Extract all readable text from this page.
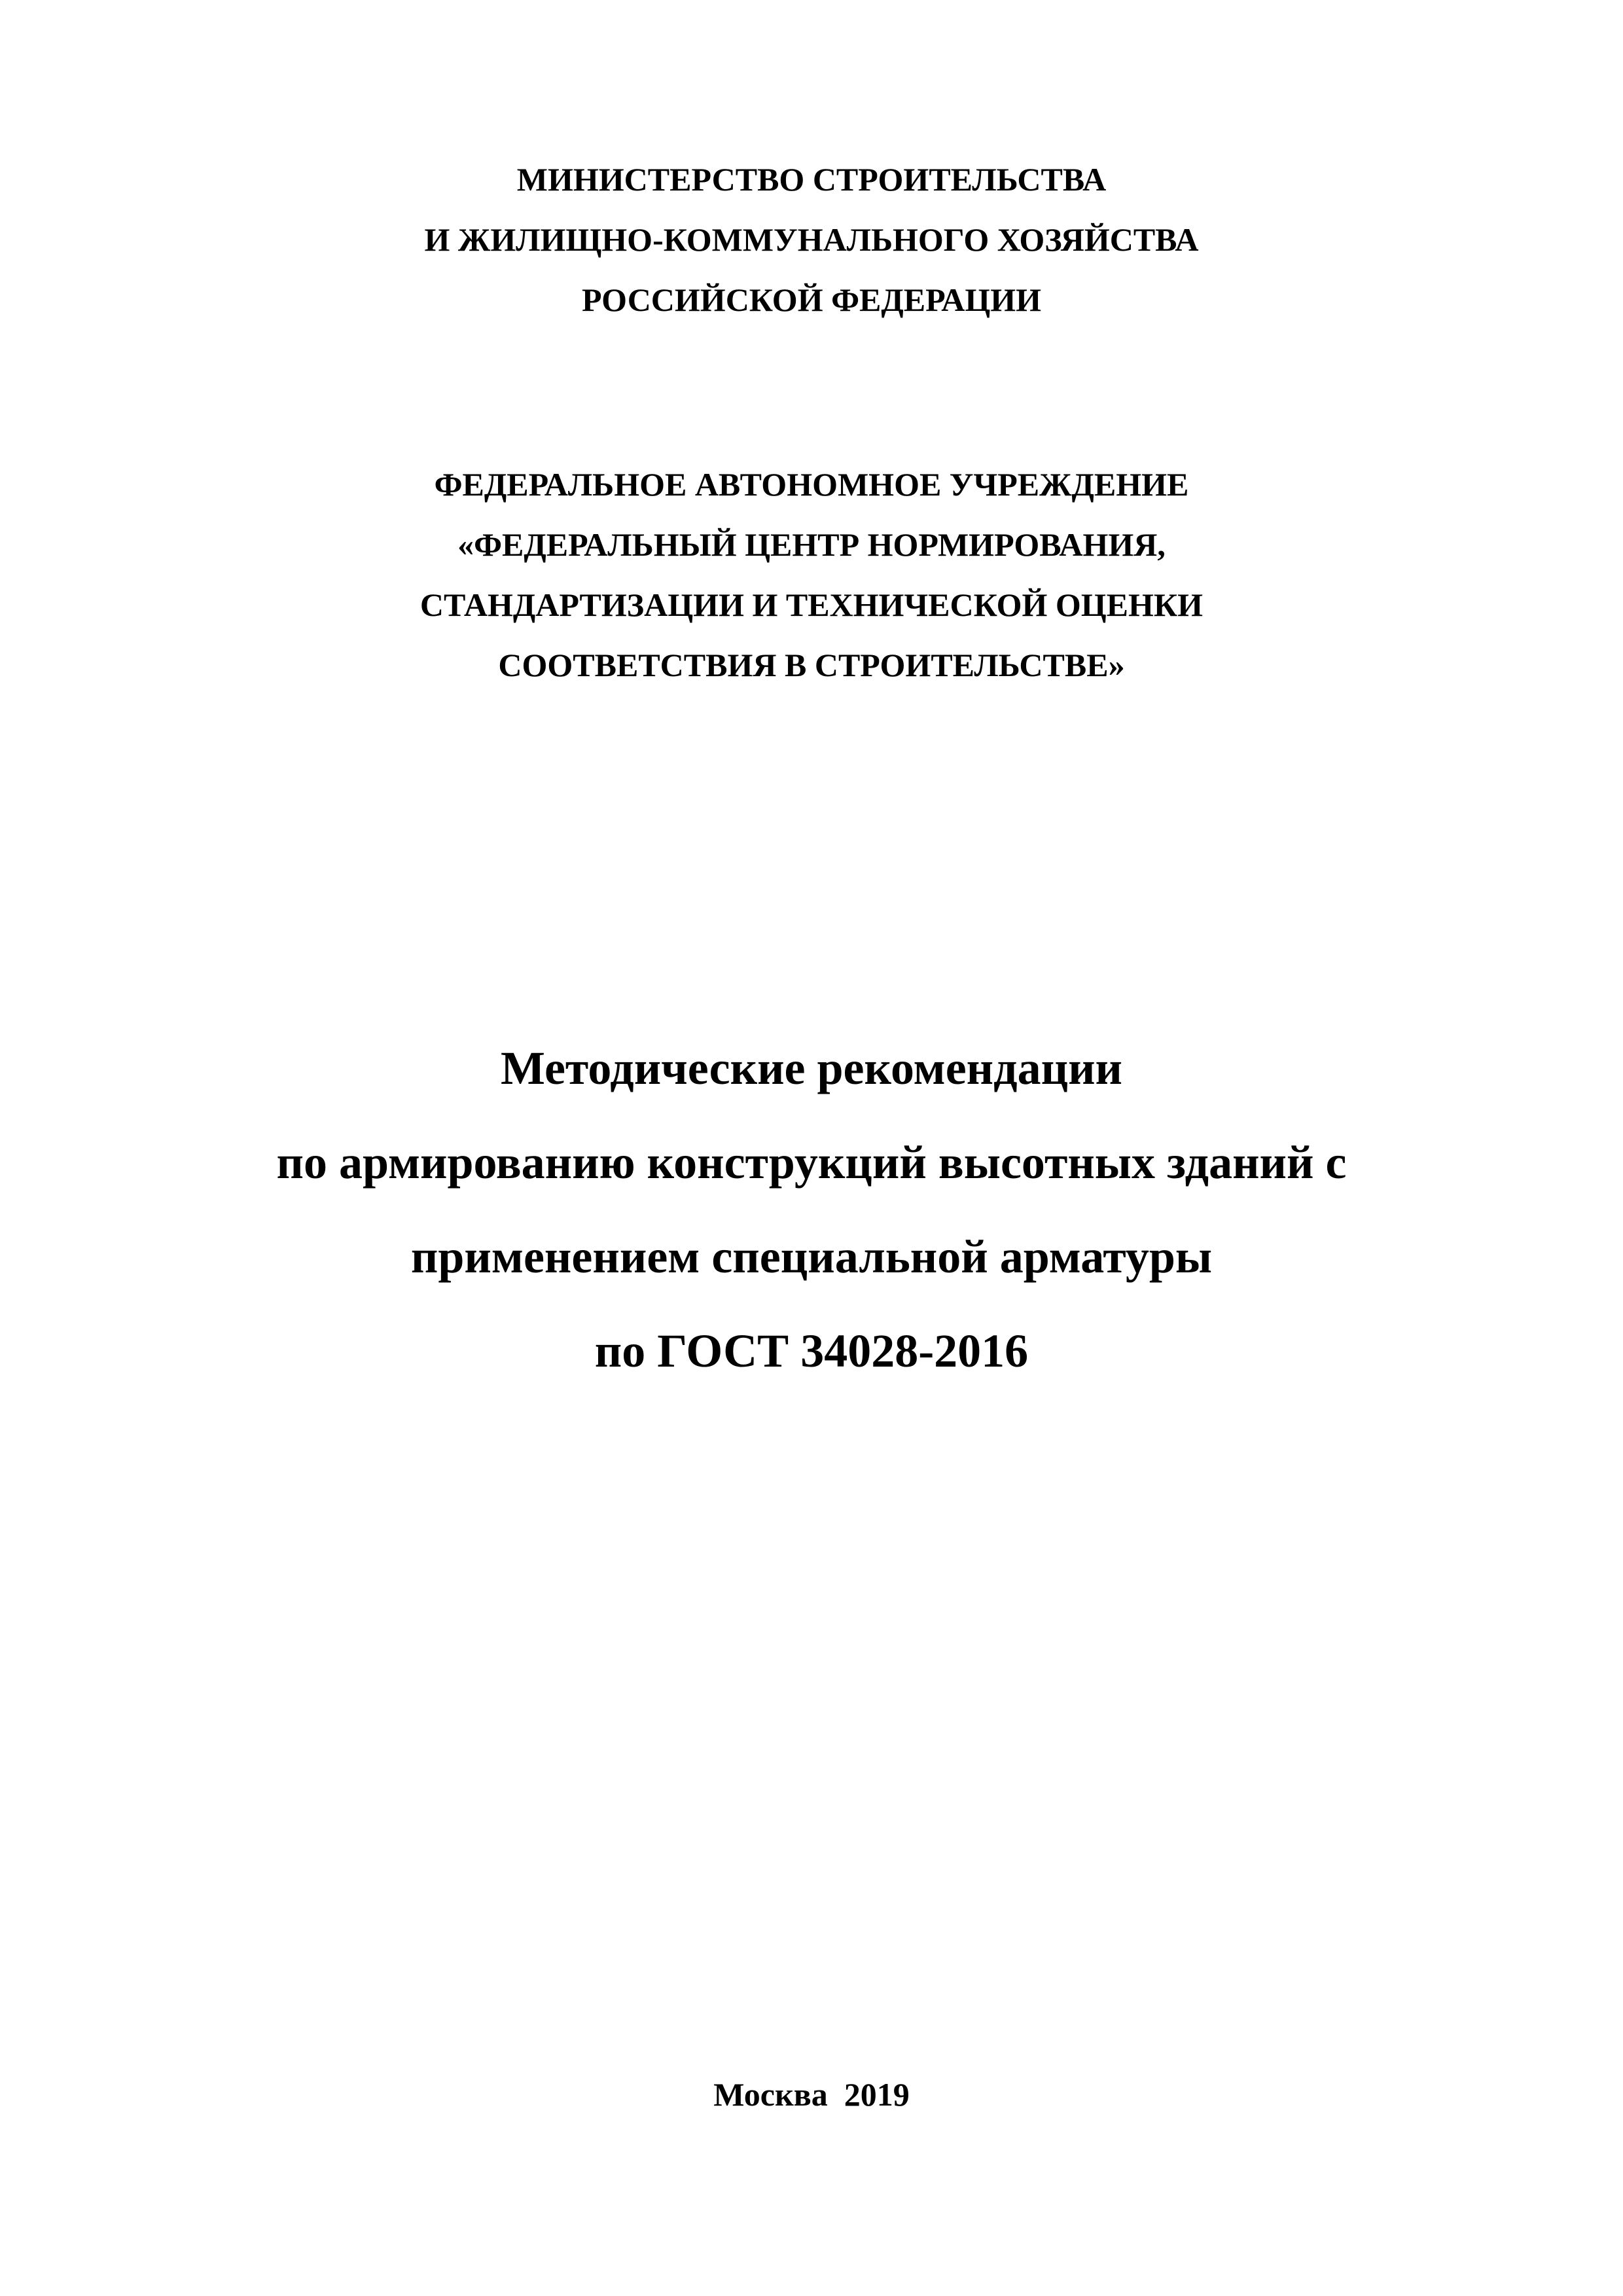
МИНИСТЕРСТВО СТРОИТЕЛЬСТВА
И ЖИЛИЩНО-КОММУНАЛЬНОГО ХОЗЯЙСТВА
РОССИЙСКОЙ ФЕДЕРАЦИИ
ФЕДЕРАЛЬНОЕ АВТОНОМНОЕ УЧРЕЖДЕНИЕ
«ФЕДЕРАЛЬНЫЙ ЦЕНТР НОРМИРОВАНИЯ,
СТАНДАРТИЗАЦИИ И ТЕХНИЧЕСКОЙ ОЦЕНКИ
СООТВЕТСТВИЯ В СТРОИТЕЛЬСТВЕ»
Методические рекомендации
по армированию конструкций высотных зданий с
применением специальной арматуры
по ГОСТ 34028-2016
Москва 2019
